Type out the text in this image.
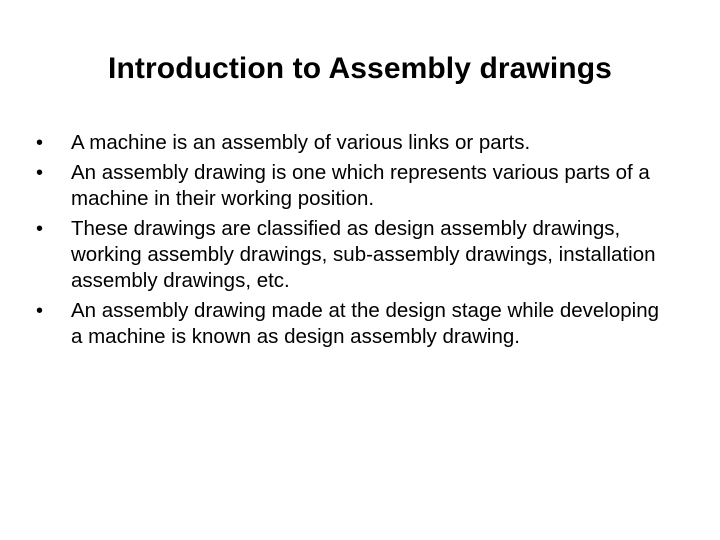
Introduction to Assembly drawings
•	A machine is an assembly of various links or parts.
•	An assembly drawing is one which represents various parts of a machine in their working position.
•	These drawings are classified as design assembly drawings, working assembly drawings, sub-assembly drawings, installation assembly drawings, etc.
•	An assembly drawing made at the design stage while developing a machine is known as design assembly drawing.
